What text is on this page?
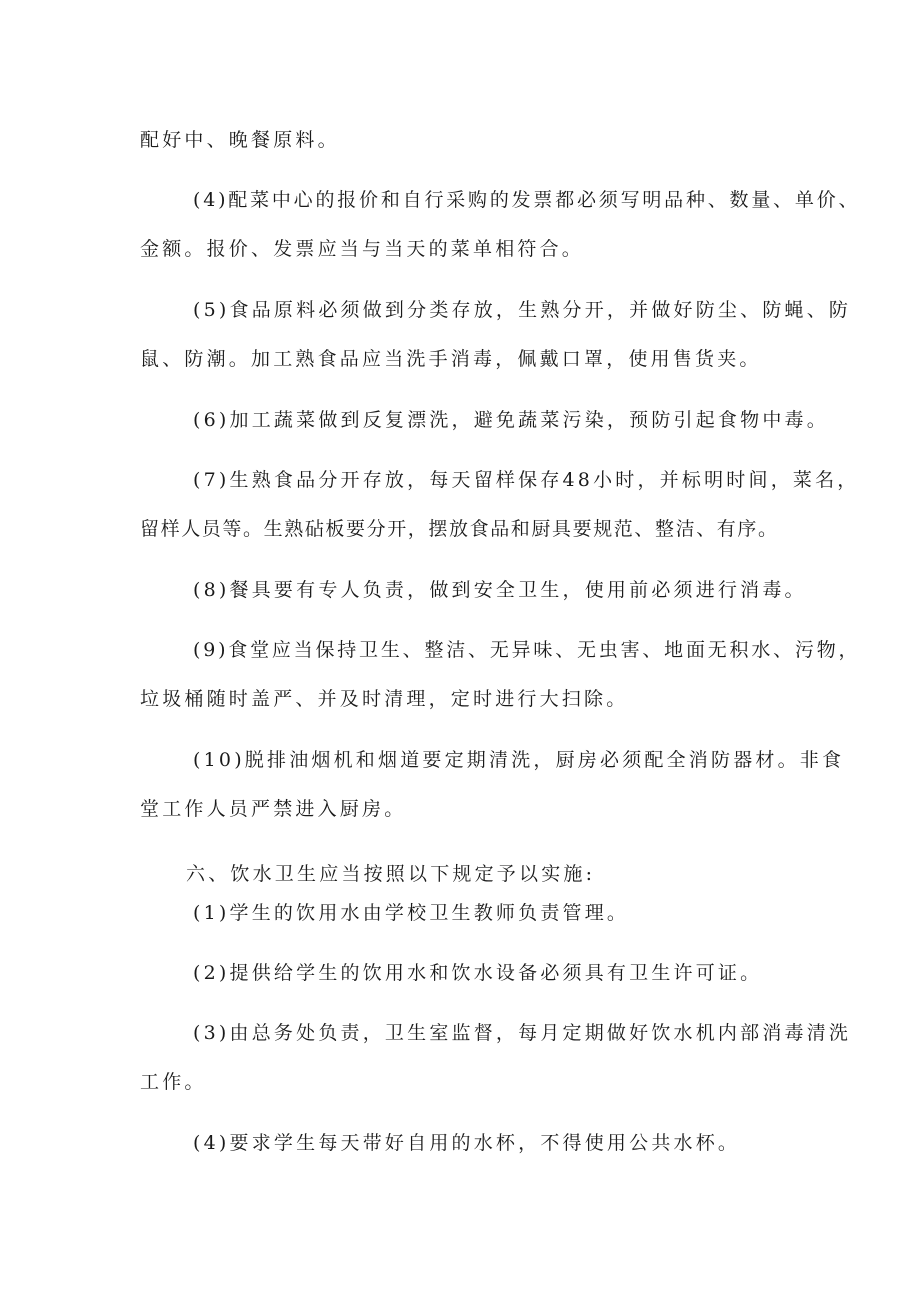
配好中、晚餐原料。
(4)配菜中心的报价和自行采购的发票都必须写明品种、数量、单价、
金额。报价、发票应当与当天的菜单相符合。
(5)食品原料必须做到分类存放，生熟分开，并做好防尘、防蝇、防
鼠、防潮。加工熟食品应当洗手消毒，佩戴口罩，使用售货夹。
(6)加工蔬菜做到反复漂洗，避免蔬菜污染，预防引起食物中毒。
(7)生熟食品分开存放，每天留样保存48小时，并标明时间，菜名，
留样人员等。生熟砧板要分开，摆放食品和厨具要规范、整洁、有序。
(8)餐具要有专人负责，做到安全卫生，使用前必须进行消毒。
(9)食堂应当保持卫生、整洁、无异味、无虫害、地面无积水、污物，
垃圾桶随时盖严、并及时清理，定时进行大扫除。
(10)脱排油烟机和烟道要定期清洗，厨房必须配全消防器材。非食
堂工作人员严禁进入厨房。
六、饮水卫生应当按照以下规定予以实施:
(1)学生的饮用水由学校卫生教师负责管理。
(2)提供给学生的饮用水和饮水设备必须具有卫生许可证。
(3)由总务处负责，卫生室监督，每月定期做好饮水机内部消毒清洗
工作。
(4)要求学生每天带好自用的水杯，不得使用公共水杯。
